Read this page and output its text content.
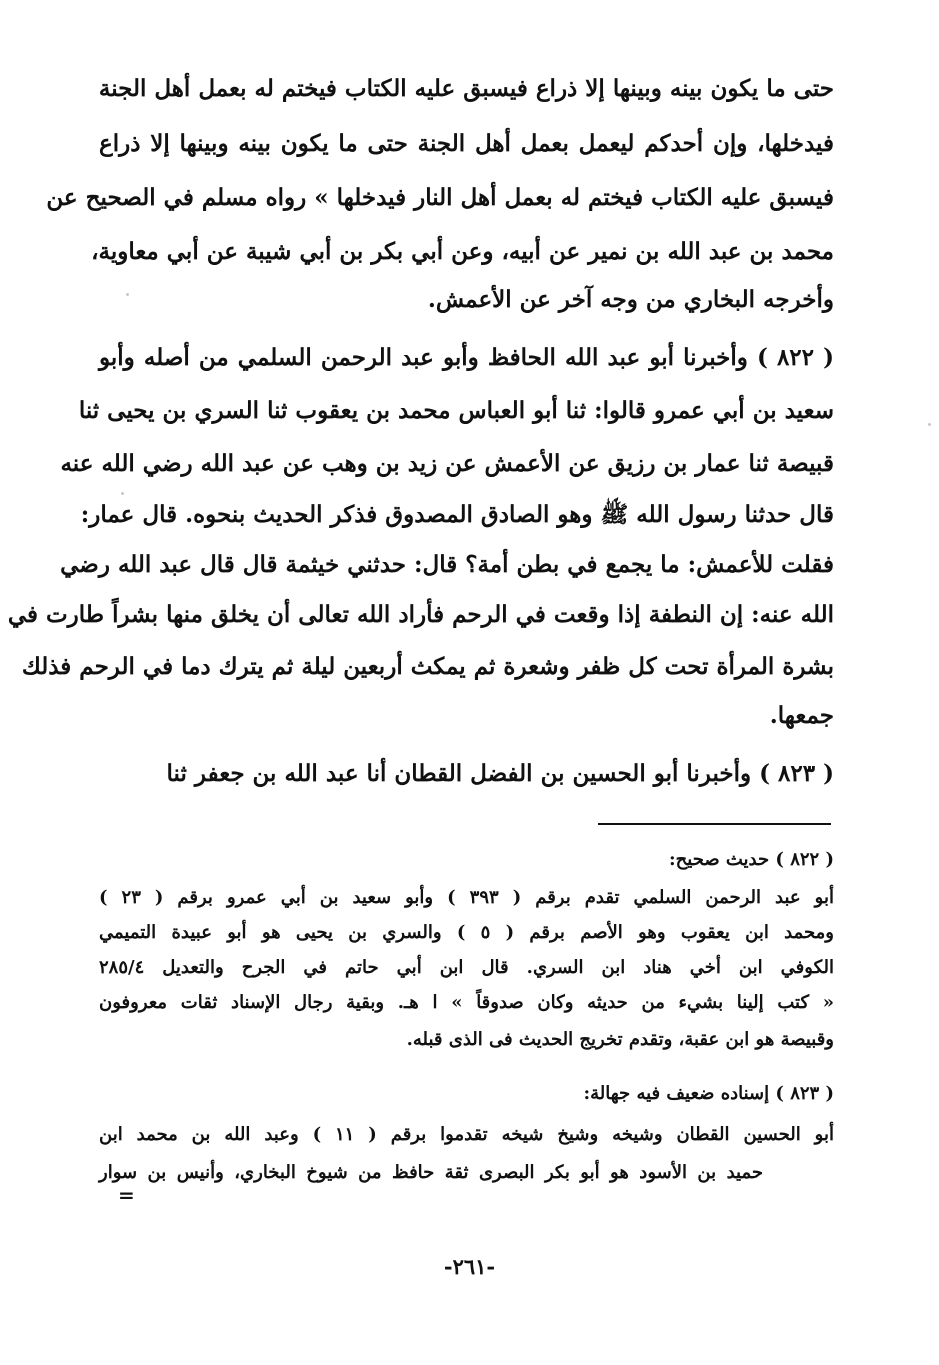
حتى ما يكون بينه وبينها إلا ذراع فيسبق عليه الكتاب فيختم له بعمل أهل الجنة
فيدخلها، وإن أحدكم ليعمل بعمل أهل الجنة حتى ما يكون بينه وبينها إلا ذراع
فيسبق عليه الكتاب فيختم له بعمل أهل النار فيدخلها » رواه مسلم في الصحيح عن
محمد بن عبد الله بن نمير عن أبيه، وعن أبي بكر بن أبي شيبة عن أبي معاوية،
وأخرجه البخاري من وجه آخر عن الأعمش.
( ٨٢٢ ) وأخبرنا أبو عبد الله الحافظ وأبو عبد الرحمن السلمي من أصله وأبو
سعيد بن أبي عمرو قالوا: ثنا أبو العباس محمد بن يعقوب ثنا السري بن يحيى ثنا
قبيصة ثنا عمار بن رزيق عن الأعمش عن زيد بن وهب عن عبد الله رضي الله عنه
قال حدثنا رسول الله ﷺ وهو الصادق المصدوق فذكر الحديث بنحوه. قال عمار:
فقلت للأعمش: ما يجمع في بطن أمة؟ قال: حدثني خيثمة قال قال عبد الله رضي
الله عنه: إن النطفة إذا وقعت في الرحم فأراد الله تعالى أن يخلق منها بشراً طارت في
بشرة المرأة تحت كل ظفر وشعرة ثم يمكث أربعين ليلة ثم يترك دما في الرحم فذلك
جمعها.
( ٨٢٣ ) وأخبرنا أبو الحسين بن الفضل القطان أنا عبد الله بن جعفر ثنا
( ٨٢٢ ) حديث صحيح:
أبو عبد الرحمن السلمي تقدم برقم ( ٣٩٣ ) وأبو سعيد بن أبي عمرو برقم ( ٢٣ )
ومحمد ابن يعقوب وهو الأصم برقم ( ٥ ) والسري بن يحيى هو أبو عبيدة التميمي
الكوفي ابن أخي هناد ابن السري. قال ابن أبي حاتم في الجرح والتعديل ٢٨٥/٤
« كتب إلينا بشيء من حديثه وكان صدوقاً » ا هـ. وبقية رجال الإسناد ثقات معروفون
وقبيصة هو ابن عقبة، وتقدم تخريج الحديث فى الذى قبله.
( ٨٢٣ ) إسناده ضعيف فيه جهالة:
أبو الحسين القطان وشيخه وشيخ شيخه تقدموا برقم ( ١١ ) وعبد الله بن محمد ابن
حميد بن الأسود هو أبو بكر البصرى ثقة حافظ من شيوخ البخاري، وأنيس بن سوار
=
-٢٦١-
